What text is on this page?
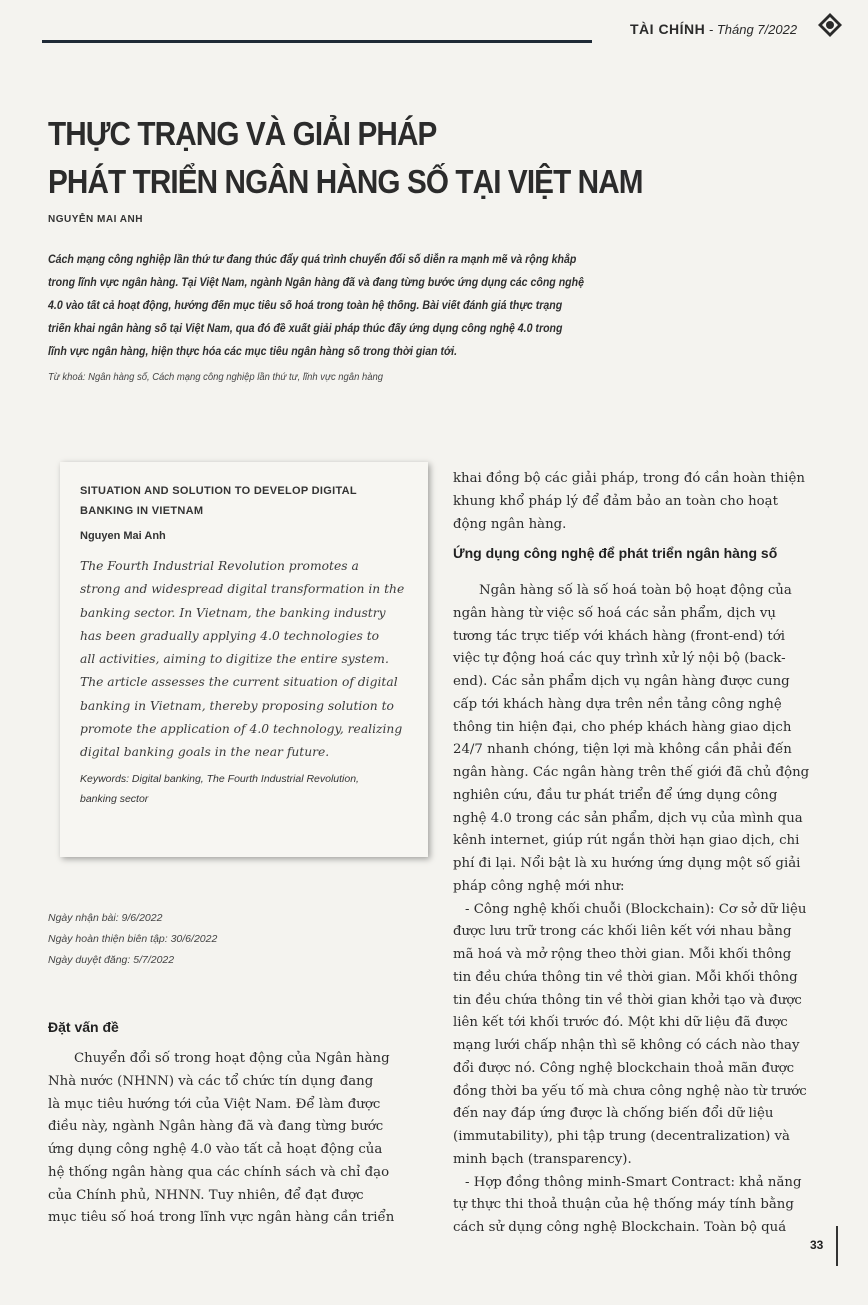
TÀI CHÍNH - Tháng 7/2022
THỰC TRẠNG VÀ GIẢI PHÁP
PHÁT TRIỂN NGÂN HÀNG SỐ TẠI VIỆT NAM
NGUYỄN MAI ANH
Cách mạng công nghiệp lần thứ tư đang thúc đẩy quá trình chuyển đổi số diễn ra mạnh mẽ và rộng khắp
trong lĩnh vực ngân hàng. Tại Việt Nam, ngành Ngân hàng đã và đang từng bước ứng dụng các công nghệ
4.0 vào tất cả hoạt động, hướng đến mục tiêu số hoá trong toàn hệ thống. Bài viết đánh giá thực trạng
triển khai ngân hàng số tại Việt Nam, qua đó đề xuất giải pháp thúc đẩy ứng dụng công nghệ 4.0 trong
lĩnh vực ngân hàng, hiện thực hóa các mục tiêu ngân hàng số trong thời gian tới.
Từ khoá: Ngân hàng số, Cách mạng công nghiệp lần thứ tư, lĩnh vực ngân hàng
SITUATION AND SOLUTION TO DEVELOP DIGITAL BANKING IN VIETNAM
Nguyen Mai Anh
The Fourth Industrial Revolution promotes a
strong and widespread digital transformation in the
banking sector. In Vietnam, the banking industry
has been gradually applying 4.0 technologies to
all activities, aiming to digitize the entire system.
The article assesses the current situation of digital
banking in Vietnam, thereby proposing solution to
promote the application of 4.0 technology, realizing
digital banking goals in the near future.
Keywords: Digital banking, The Fourth Industrial Revolution, banking sector
Ngày nhận bài: 9/6/2022
Ngày hoàn thiện biên tập: 30/6/2022
Ngày duyệt đăng: 5/7/2022
Đặt vấn đề
Chuyển đổi số trong hoạt động của Ngân hàng
Nhà nước (NHNN) và các tổ chức tín dụng đang
là mục tiêu hướng tới của Việt Nam. Để làm được
điều này, ngành Ngân hàng đã và đang từng bước
ứng dụng công nghệ 4.0 vào tất cả hoạt động của
hệ thống ngân hàng qua các chính sách và chỉ đạo
của Chính phủ, NHNN. Tuy nhiên, để đạt được
mục tiêu số hoá trong lĩnh vực ngân hàng cần triển
khai đồng bộ các giải pháp, trong đó cần hoàn thiện
khung khổ pháp lý để đảm bảo an toàn cho hoạt
động ngân hàng.
Ứng dụng công nghệ để phát triển ngân hàng số
Ngân hàng số là số hoá toàn bộ hoạt động của
ngân hàng từ việc số hoá các sản phẩm, dịch vụ
tương tác trực tiếp với khách hàng (front-end) tới
việc tự động hoá các quy trình xử lý nội bộ (back-
end). Các sản phẩm dịch vụ ngân hàng được cung
cấp tới khách hàng dựa trên nền tảng công nghệ
thông tin hiện đại, cho phép khách hàng giao dịch
24/7 nhanh chóng, tiện lợi mà không cần phải đến
ngân hàng. Các ngân hàng trên thế giới đã chủ động
nghiên cứu, đầu tư phát triển để ứng dụng công
nghệ 4.0 trong các sản phẩm, dịch vụ của mình qua
kênh internet, giúp rút ngắn thời hạn giao dịch, chi
phí đi lại. Nổi bật là xu hướng ứng dụng một số giải
pháp công nghệ mới như:
- Công nghệ khối chuỗi (Blockchain): Cơ sở dữ liệu
được lưu trữ trong các khối liên kết với nhau bằng
mã hoá và mở rộng theo thời gian. Mỗi khối thông
tin đều chứa thông tin về thời gian. Mỗi khối thông
tin đều chứa thông tin về thời gian khởi tạo và được
liên kết tới khối trước đó. Một khi dữ liệu đã được
mạng lưới chấp nhận thì sẽ không có cách nào thay
đổi được nó. Công nghệ blockchain thoả mãn được
đồng thời ba yếu tố mà chưa công nghệ nào từ trước
đến nay đáp ứng được là chống biến đổi dữ liệu
(immutability), phi tập trung (decentralization) và
minh bạch (transparency).
- Hợp đồng thông minh-Smart Contract: khả năng
tự thực thi thoả thuận của hệ thống máy tính bằng
cách sử dụng công nghệ Blockchain. Toàn bộ quá
33
